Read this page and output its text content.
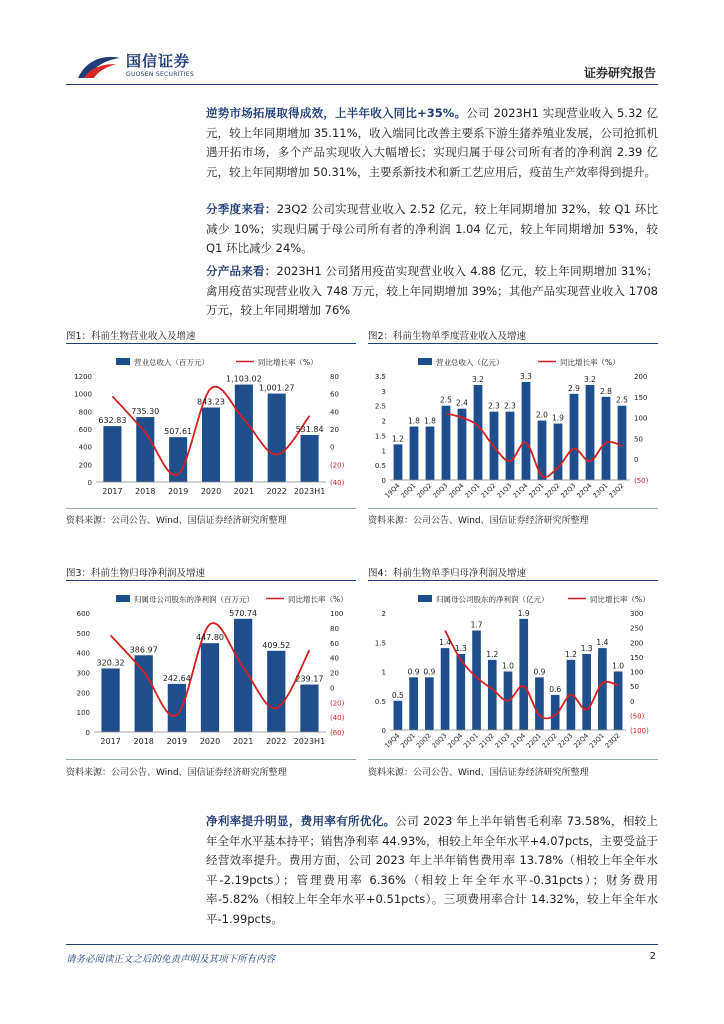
国信证券
GUOSEN SECURITIES	证券研究报告

逆势市场拓展取得成效，上半年收入同比+35%。公司 2023H1 实现营业收入 5.32 亿元，较上年同期增加 35.11%，收入端同比改善主要系下游生猪养殖业发展，公司抢抓机遇开拓市场，多个产品实现收入大幅增长；实现归属于母公司所有者的净利润 2.39 亿元，较上年同期增加 50.31%，主要系新技术和新工艺应用后，疫苗生产效率得到提升。

分季度来看：23Q2 公司实现营业收入 2.52 亿元，较上年同期增加 32%，较 Q1 环比减少 10%；实现归属于母公司所有者的净利润 1.04 亿元，较上年同期增加 53%，较 Q1 环比减少 24%。

分产品来看：2023H1 公司猪用疫苗实现营业收入 4.88 亿元，较上年同期增加 31%；禽用疫苗实现营业收入 748 万元，较上年同期增加 39%；其他产品实现营业收入 1708 万元，较上年同期增加 76%

图1：科前生物营业收入及增速
营业总收入（百万元）	同比增长率（%）
0
200
400
600
800
1000
1200
(40)
(20)
0
20
40
60
80
632.83
735.30
507.61
843.23
1,103.02
1,001.27
531.84
2017 2018 2019 2020 2021 2022 2023H1
资料来源：公司公告、Wind、国信证券经济研究所整理
图2：科前生物单季度营业收入及增速
营业总收入（亿元）	同比增长率（%）
0
0.5
1
1.5
2
2.5
3
3.5
(50)
0
50
100
150
200
1.2
1.8 1.8
2.5 2.4
3.2
2.3 2.3
3.3
2.0 1.9
2.9
3.2
2.8
2.5
19Q4
20Q1
20Q2
20Q3
20Q4
21Q1
21Q2
21Q3
21Q4
22Q1
22Q2
22Q3
22Q4
23Q1
23Q2
资料来源：公司公告、Wind、国信证券经济研究所整理
图3：科前生物归母净利润及增速
归属母公司股东的净利润（百万元）	同比增长率（%）
0
100
200
300
400
500
600
(60)
(40)
(20)
0
20
40
60
80
100
320.32
386.97
242.64
447.80
570.74
409.52
239.17
2017 2018 2019 2020 2021 2022 2023H1
资料来源：公司公告、Wind、国信证券经济研究所整理
图4：科前生物单季归母净利润及增速
归属母公司股东的净利润（亿元）	同比增长率（%）
0
0.5
1
1.5
2
(100)
(50)
0
50
100
150
200
250
300
0.5
0.9 0.9
1.4
1.3
1.7
1.2
1.0
1.9
0.9
0.6
1.2
1.3
1.4
1.0
19Q4
20Q1
20Q2
20Q3
20Q4
21Q1
21Q2
21Q3
21Q4
22Q1
22Q2
22Q3
22Q4
23Q1
23Q2
资料来源：公司公告、Wind、国信证券经济研究所整理

净利率提升明显，费用率有所优化。公司 2023 年上半年销售毛利率 73.58%，相较上年全年水平基本持平；销售净利率 44.93%，相较上年全年水平+4.07pcts，主要受益于经营效率提升。费用方面，公司 2023 年上半年销售费用率 13.78%（相较上年全年水平-2.19pcts）；管理费用率 6.36%（相较上年全年水平-0.31pcts）；财务费用率-5.82%（相较上年全年水平+0.51pcts）。三项费用率合计 14.32%，较上年全年水平-1.99pcts。

请务必阅读正文之后的免责声明及其项下所有内容	2
